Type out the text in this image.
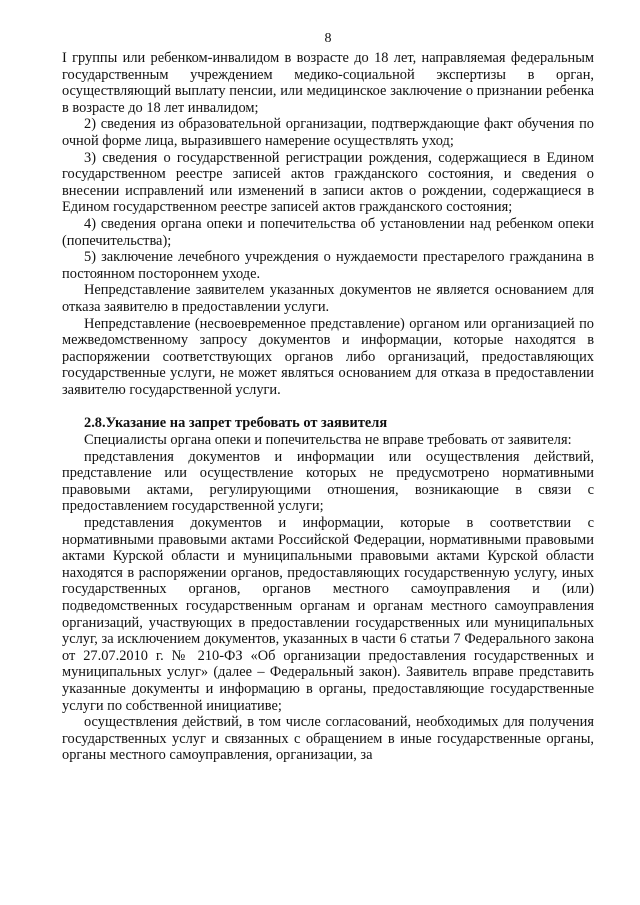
8

I группы или ребенком-инвалидом в возрасте до 18 лет, направляемая федеральным государственным учреждением медико-социальной экспертизы в орган, осуществляющий выплату пенсии, или медицинское заключение о признании ребенка в возрасте до 18 лет инвалидом;

2) сведения из образовательной организации, подтверждающие факт обучения по очной форме лица, выразившего намерение осуществлять уход;

3) сведения о государственной регистрации рождения, содержащиеся в Едином государственном реестре записей актов гражданского состояния, и сведения о внесении исправлений или изменений в записи актов о рождении, содержащиеся в Едином государственном реестре записей актов гражданского состояния;

4) сведения органа опеки и попечительства об установлении над ребенком опеки (попечительства);

5) заключение лечебного учреждения о нуждаемости престарелого гражданина в постоянном постороннем уходе.

Непредставление заявителем указанных документов не является основанием для отказа заявителю в предоставлении услуги.

Непредставление (несвоевременное представление) органом или организацией по межведомственному запросу документов и информации, которые находятся в распоряжении соответствующих органов либо организаций, предоставляющих государственные услуги, не может являться основанием для отказа в предоставлении заявителю государственной услуги.

2.8.Указание на запрет требовать от заявителя

Специалисты органа опеки и попечительства не вправе требовать от заявителя:

представления документов и информации или осуществления действий, представление или осуществление которых не предусмотрено нормативными правовыми актами, регулирующими отношения, возникающие в связи с предоставлением государственной услуги;

представления документов и информации, которые в соответствии с нормативными правовыми актами Российской Федерации, нормативными правовыми актами Курской области и муниципальными правовыми актами Курской области находятся в распоряжении органов, предоставляющих государственную услугу, иных государственных органов, органов местного самоуправления и (или) подведомственных государственным органам и органам местного самоуправления организаций, участвующих в предоставлении государственных или муниципальных услуг, за исключением документов, указанных в части 6 статьи 7 Федерального закона от 27.07.2010 г. № 210-ФЗ «Об организации предоставления государственных и муниципальных услуг» (далее – Федеральный закон). Заявитель вправе представить указанные документы и информацию в органы, предоставляющие государственные услуги по собственной инициативе;

осуществления действий, в том числе согласований, необходимых для получения государственных услуг и связанных с обращением в иные государственные органы, органы местного самоуправления, организации, за
